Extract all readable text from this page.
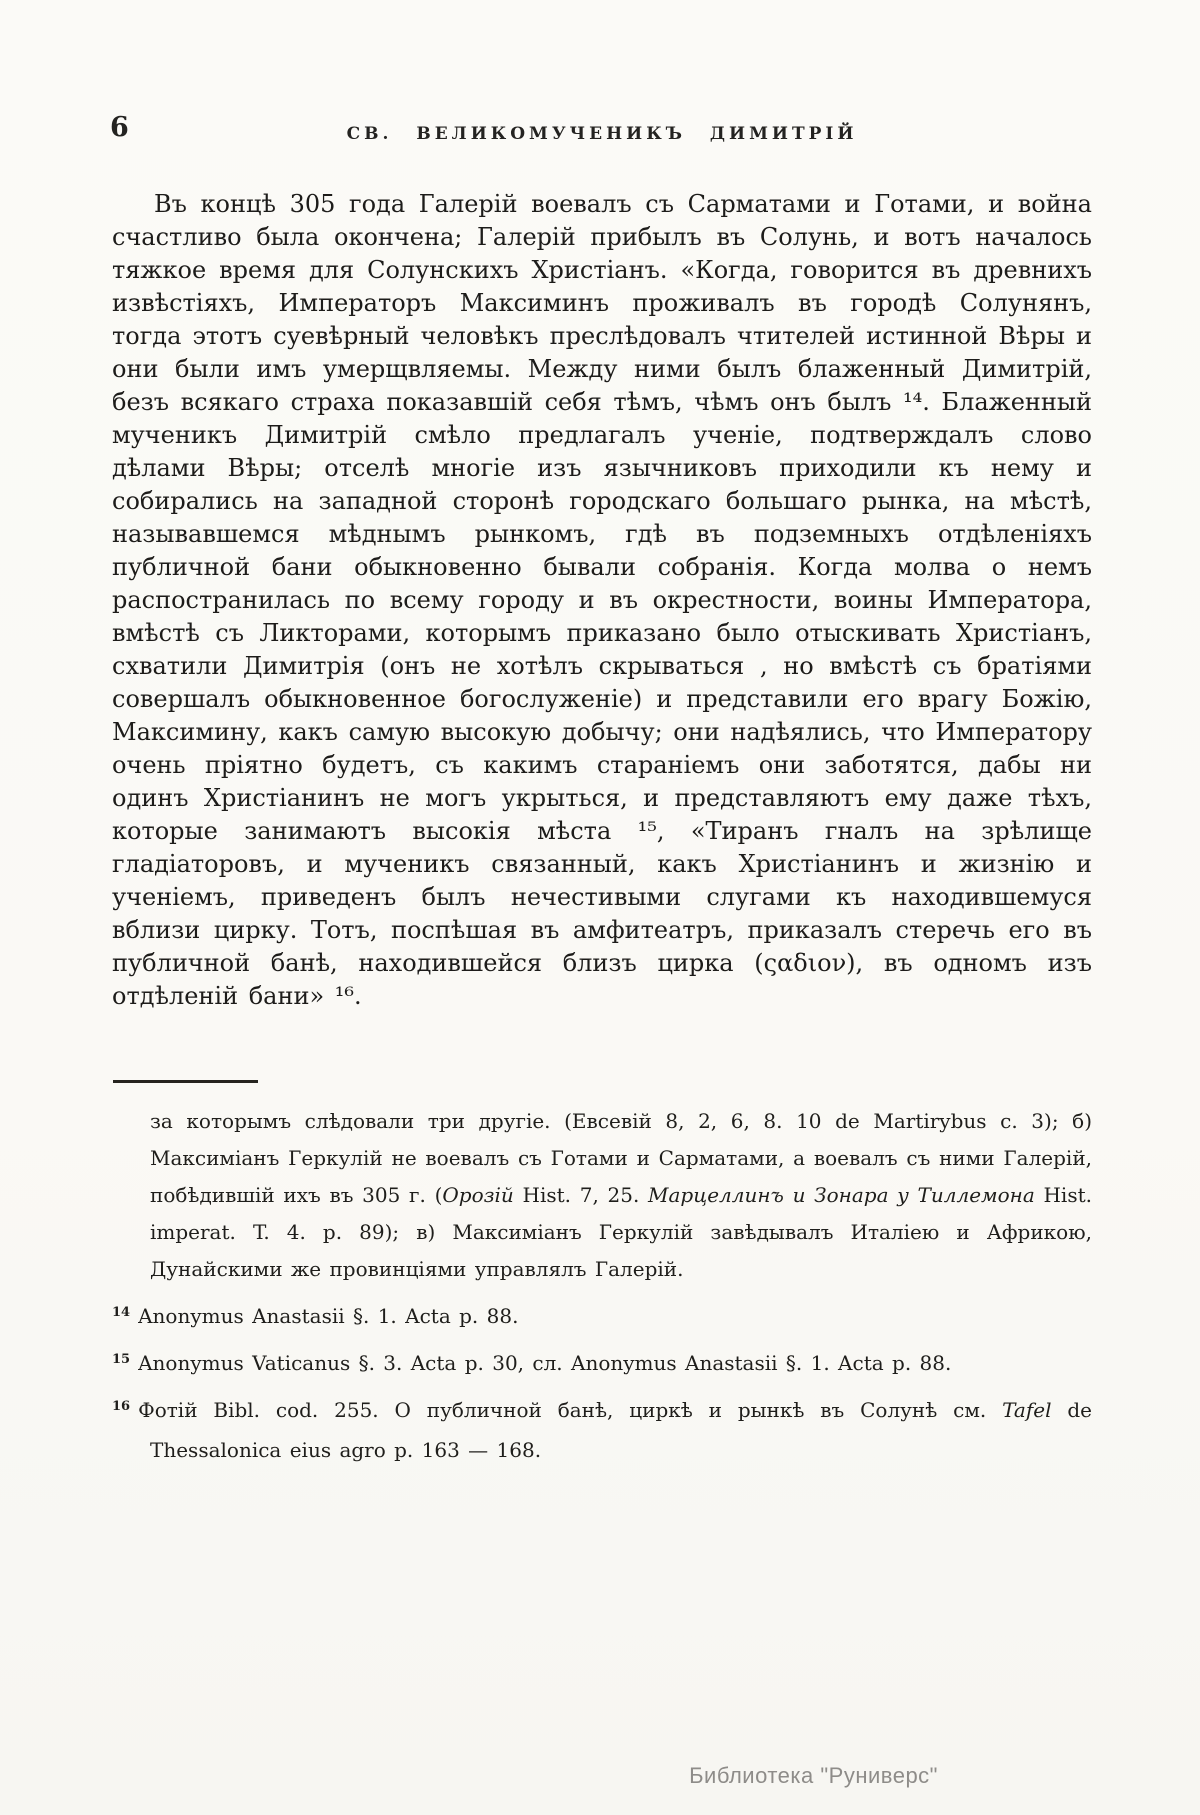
6	СВ. ВЕЛИКОМУЧЕНИКЪ ДИМИТРІЙ

Въ концѣ 305 года Галерій воевалъ съ Сарматами и Готами, и война счастливо была окончена; Галерій прибылъ въ Солунь, и вотъ началось тяжкое время для Солунскихъ Христіанъ. «Когда, говорится въ древнихъ извѣстіяхъ, Императоръ Максиминъ проживалъ въ городѣ Солунянъ, тогда этотъ суевѣрный человѣкъ преслѣдовалъ чтителей истинной Вѣры и они были имъ умерщвляемы. Между ними былъ блаженный Димитрій, безъ всякаго страха показавшій себя тѣмъ, чѣмъ онъ былъ ¹⁴. Блаженный мученикъ Димитрій смѣло предлагалъ ученіе, подтверждалъ слово дѣлами Вѣры; отселѣ многіе изъ язычниковъ приходили къ нему и собирались на западной сторонѣ городскаго большаго рынка, на мѣстѣ, называвшемся мѣднымъ рынкомъ, гдѣ въ подземныхъ отдѣленіяхъ публичной бани обыкновенно бывали собранія. Когда молва о немъ распостранилась по всему городу и въ окрестности, воины Императора, вмѣстѣ съ Ликторами, которымъ приказано было отыскивать Христіанъ, схватили Димитрія (онъ не хотѣлъ скрываться , но вмѣстѣ съ братіями совершалъ обыкновенное богослуженіе) и представили его врагу Божію, Максимину, какъ самую высокую добычу; они надѣялись, что Императору очень пріятно будетъ, съ какимъ стараніемъ они заботятся, дабы ни одинъ Христіанинъ не могъ укрыться, и представляютъ ему даже тѣхъ, которые занимаютъ высокія мѣста ¹⁵, «Тиранъ гналъ на зрѣлище гладіаторовъ, и мученикъ связанный, какъ Христіанинъ и жизнію и ученіемъ, приведенъ былъ нечестивыми слугами къ находившемуся вблизи цирку. Тотъ, поспѣшая въ амфитеатръ, приказалъ стеречь его въ публичной банѣ, находившейся близъ цирка (ςαδιον), въ одномъ изъ отдѣленій бани» ¹⁶.

за которымъ слѣдовали три другіе. (Евсевій 8, 2, 6, 8. 10 de Martirybus c. 3); б) Максиміанъ Геркулій не воевалъ съ Готами и Сарматами, а воевалъ съ ними Галерій, побѣдившій ихъ въ 305 г. (Орозій Hist. 7, 25. Марцеллинъ и Зонара у Тиллемона Hist. imperat. T. 4. p. 89); в) Максиміанъ Геркулій завѣдывалъ Италіею и Африкою, Дунайскими же провинціями управлялъ Галерій.

14 Anonymus Anastasii §. 1. Acta p. 88.

15 Anonymus Vaticanus §. 3. Acta p. 30, сл. Anonymus Anastasii §. 1. Acta p. 88.

16 Фотій Bibl. cod. 255. О публичной банѣ, циркѣ и рынкѣ въ Солунѣ см. Tafel de Thessalonica eius agro p. 163 — 168.

Библиотека "Руниверс"
